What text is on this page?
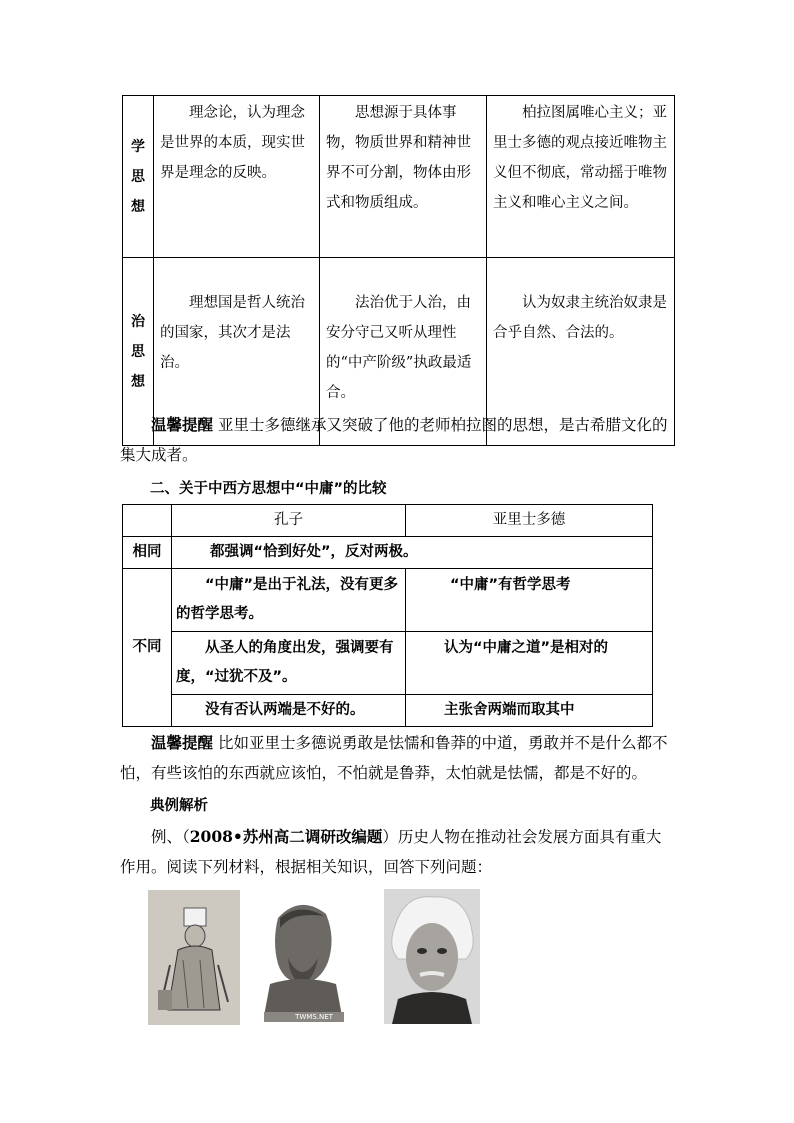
学
思
想	理念论，认为理念是世界的本质，现实世界是理念的反映。	思想源于具体事物，物质世界和精神世界不可分割，物体由形式和物质组成。	柏拉图属唯心主义；亚里士多德的观点接近唯物主义但不彻底，常动摇于唯物主义和唯心主义之间。

治
思
想	理想国是哲人统治的国家，其次才是法治。	法治优于人治，由安分守己又听从理性的“中产阶级”执政最适合。	认为奴隶主统治奴隶是合乎自然、合法的。
温馨提醒 亚里士多德继承又突破了他的老师柏拉图的思想，是古希腊文化的集大成者。
二、关于中西方思想中“中庸”的比较
	孔子	亚里士多德
相同	都强调“恰到好处”，反对两极。	
不同	“中庸”是出于礼法，没有更多的哲学思考。	“中庸”有哲学思考
	从圣人的角度出发，强调要有度，“过犹不及”。	认为“中庸之道”是相对的
	没有否认两端是不好的。	主张舍两端而取其中
温馨提醒 比如亚里士多德说勇敢是怯懦和鲁莽的中道，勇敢并不是什么都不怕，有些该怕的东西就应该怕，不怕就是鲁莽，太怕就是怯懦，都是不好的。
典例解析
例、（2008•苏州高二调研改编题）历史人物在推动社会发展方面具有重大作用。阅读下列材料，根据相关知识，回答下列问题：
TWMS.NET
